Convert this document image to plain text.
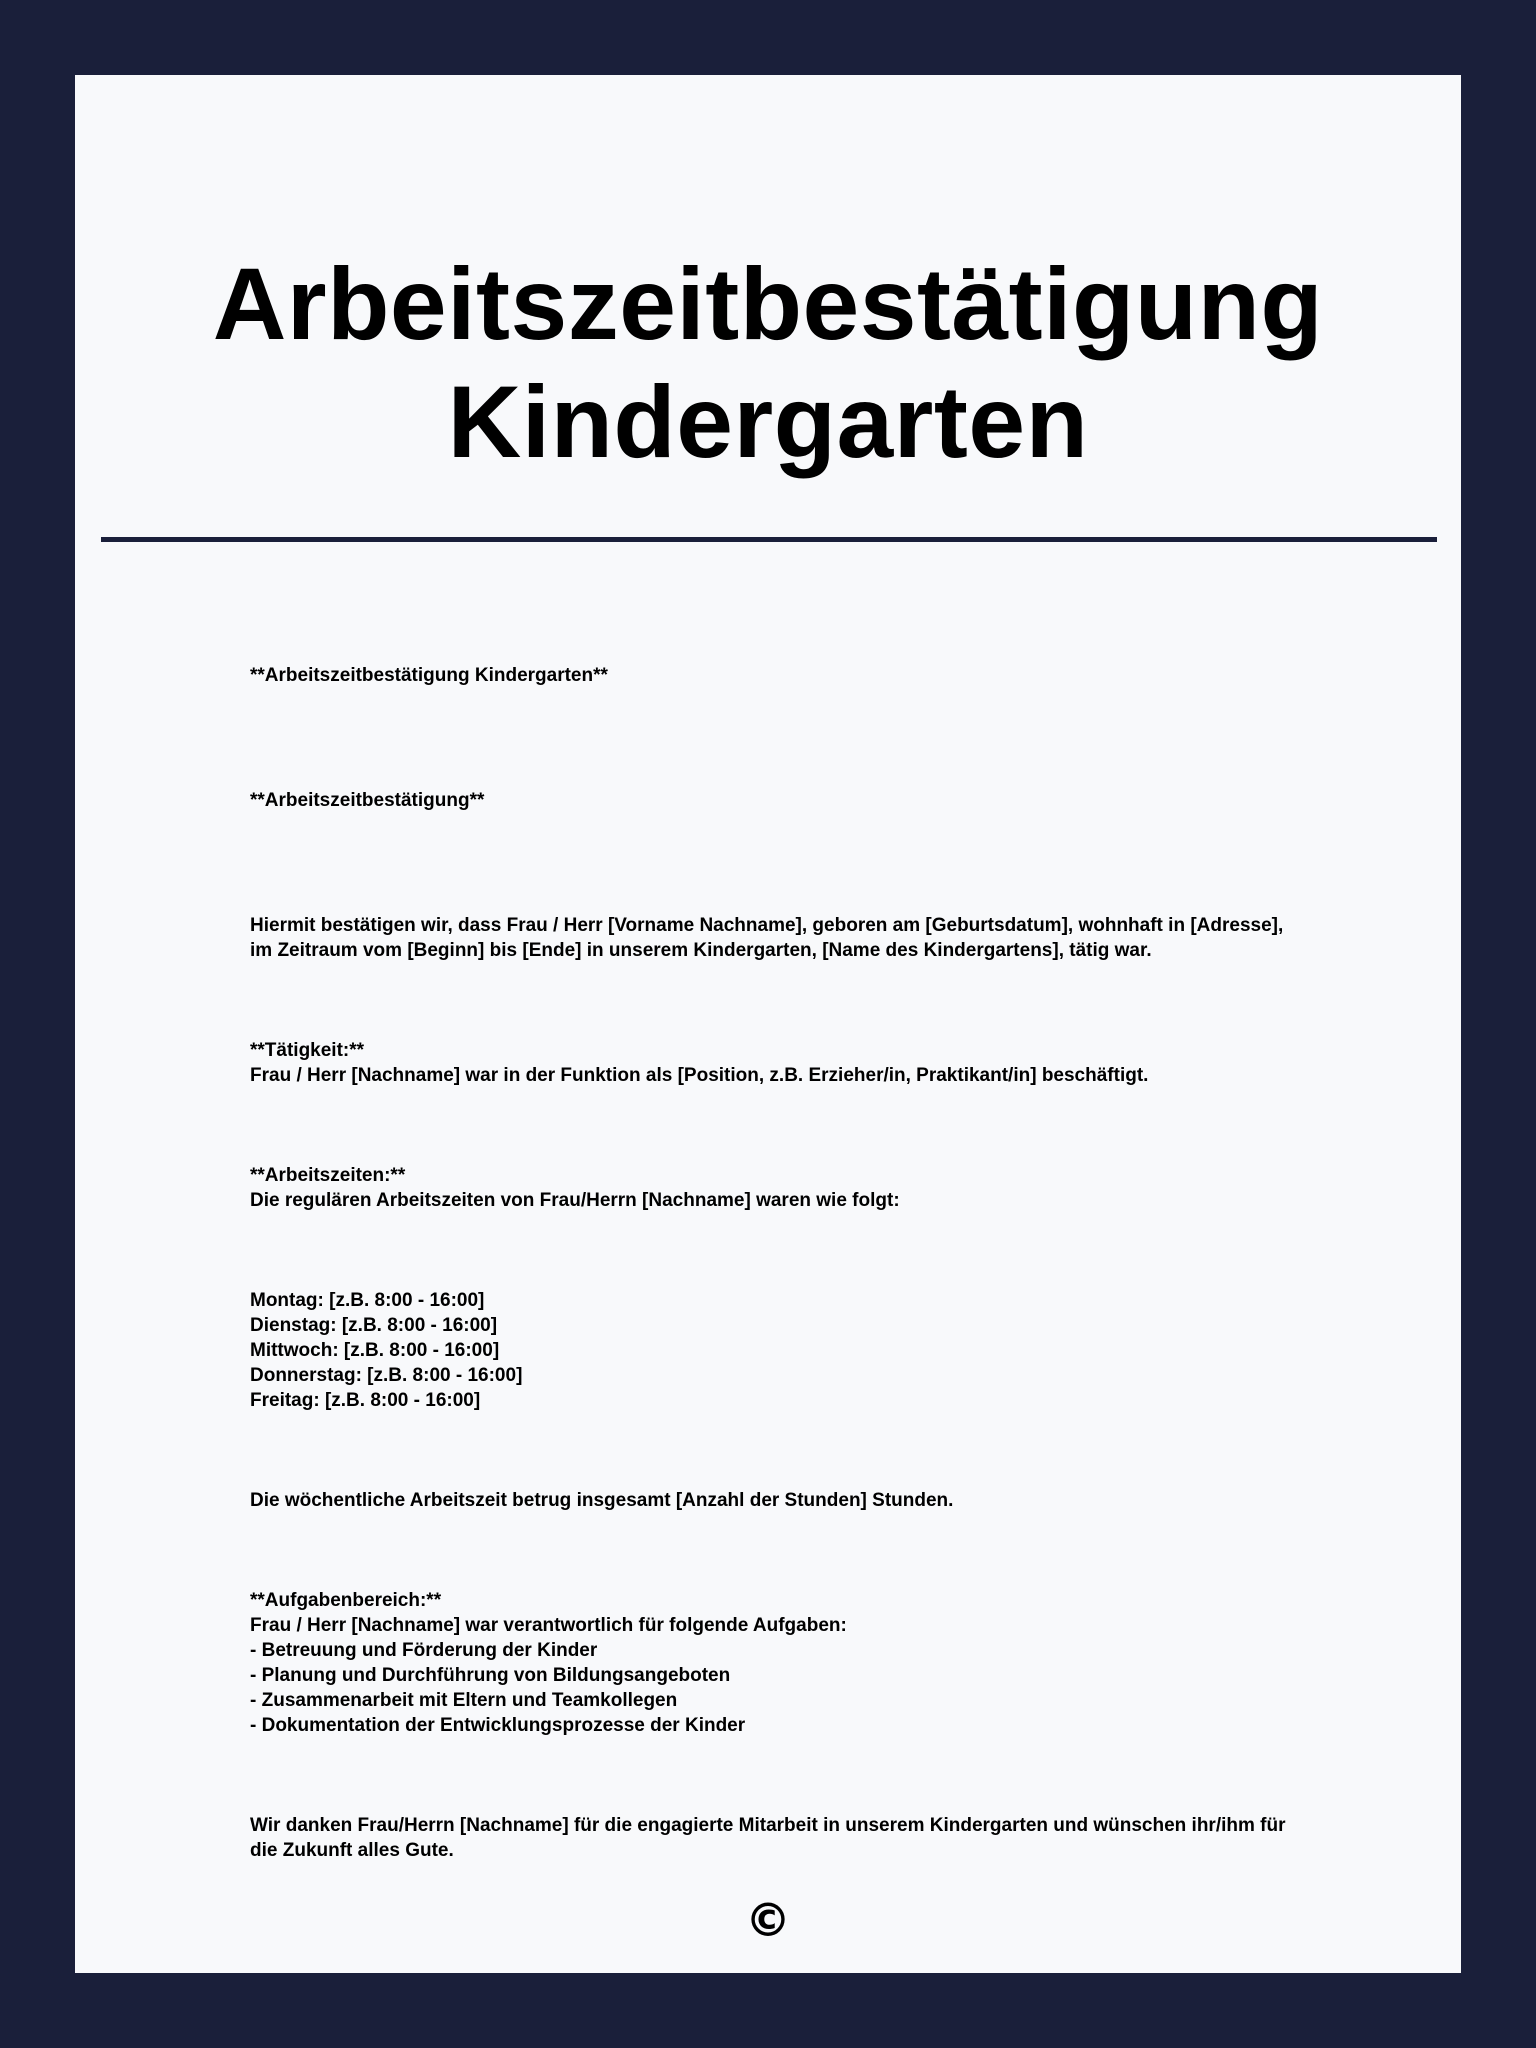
Arbeitszeitbestätigung Kindergarten

**Arbeitszeitbestätigung Kindergarten**

**Arbeitszeitbestätigung**

Hiermit bestätigen wir, dass Frau / Herr [Vorname Nachname], geboren am [Geburtsdatum], wohnhaft in [Adresse], im Zeitraum vom [Beginn] bis [Ende] in unserem Kindergarten, [Name des Kindergartens], tätig war.

**Tätigkeit:**

Frau / Herr [Nachname] war in der Funktion als [Position, z.B. Erzieher/in, Praktikant/in] beschäftigt.

**Arbeitszeiten:**

Die regulären Arbeitszeiten von Frau/Herrn [Nachname] waren wie folgt:

Montag: [z.B. 8:00 - 16:00]

Dienstag: [z.B. 8:00 - 16:00]

Mittwoch: [z.B. 8:00 - 16:00]

Donnerstag: [z.B. 8:00 - 16:00]

Freitag: [z.B. 8:00 - 16:00]

Die wöchentliche Arbeitszeit betrug insgesamt [Anzahl der Stunden] Stunden.

**Aufgabenbereich:**

Frau / Herr [Nachname] war verantwortlich für folgende Aufgaben:

- Betreuung und Förderung der Kinder

- Planung und Durchführung von Bildungsangeboten

- Zusammenarbeit mit Eltern und Teamkollegen

- Dokumentation der Entwicklungsprozesse der Kinder

Wir danken Frau/Herrn [Nachname] für die engagierte Mitarbeit in unserem Kindergarten und wünschen ihr/ihm für die Zukunft alles Gute.

©
